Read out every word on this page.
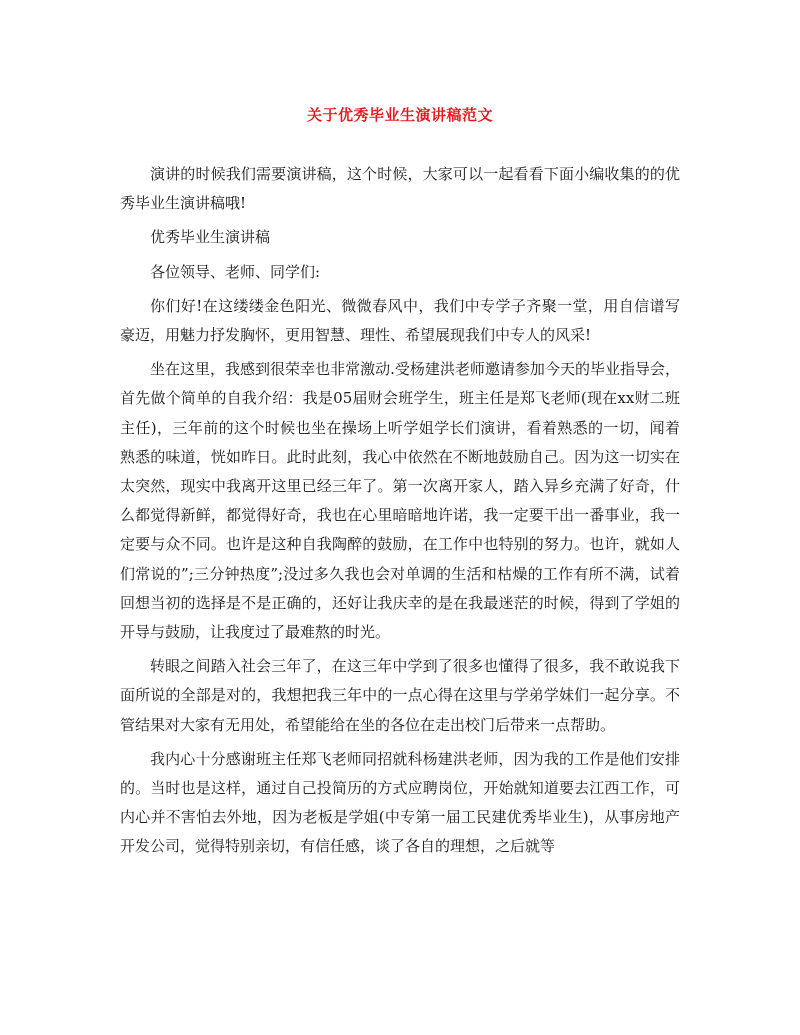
关于优秀毕业生演讲稿范文

演讲的时候我们需要演讲稿，这个时候，大家可以一起看看下面小编收集的的优秀毕业生演讲稿哦!

优秀毕业生演讲稿

各位领导、老师、同学们:

你们好!在这缕缕金色阳光、微微春风中，我们中专学子齐聚一堂，用自信谱写豪迈，用魅力抒发胸怀，更用智慧、理性、希望展现我们中专人的风采!

坐在这里，我感到很荣幸也非常激动.受杨建洪老师邀请参加今天的毕业指导会，首先做个简单的自我介绍：我是05届财会班学生，班主任是郑飞老师(现在xx财二班主任)，三年前的这个时候也坐在操场上听学姐学长们演讲，看着熟悉的一切，闻着熟悉的味道，恍如昨日。此时此刻，我心中依然在不断地鼓励自己。因为这一切实在太突然，现实中我离开这里已经三年了。第一次离开家人，踏入异乡充满了好奇，什么都觉得新鲜，都觉得好奇，我也在心里暗暗地许诺，我一定要干出一番事业，我一定要与众不同。也许是这种自我陶醉的鼓励，在工作中也特别的努力。也许，就如人们常说的”;三分钟热度”;没过多久我也会对单调的生活和枯燥的工作有所不满，试着回想当初的选择是不是正确的，还好让我庆幸的是在我最迷茫的时候，得到了学姐的开导与鼓励，让我度过了最难熬的时光。

转眼之间踏入社会三年了，在这三年中学到了很多也懂得了很多，我不敢说我下面所说的全部是对的，我想把我三年中的一点心得在这里与学弟学妹们一起分享。不管结果对大家有无用处，希望能给在坐的各位在走出校门后带来一点帮助。

我内心十分感谢班主任郑飞老师同招就科杨建洪老师，因为我的工作是他们安排的。当时也是这样，通过自己投简历的方式应聘岗位，开始就知道要去江西工作，可内心并不害怕去外地，因为老板是学姐(中专第一届工民建优秀毕业生)，从事房地产开发公司，觉得特别亲切，有信任感，谈了各自的理想，之后就等
